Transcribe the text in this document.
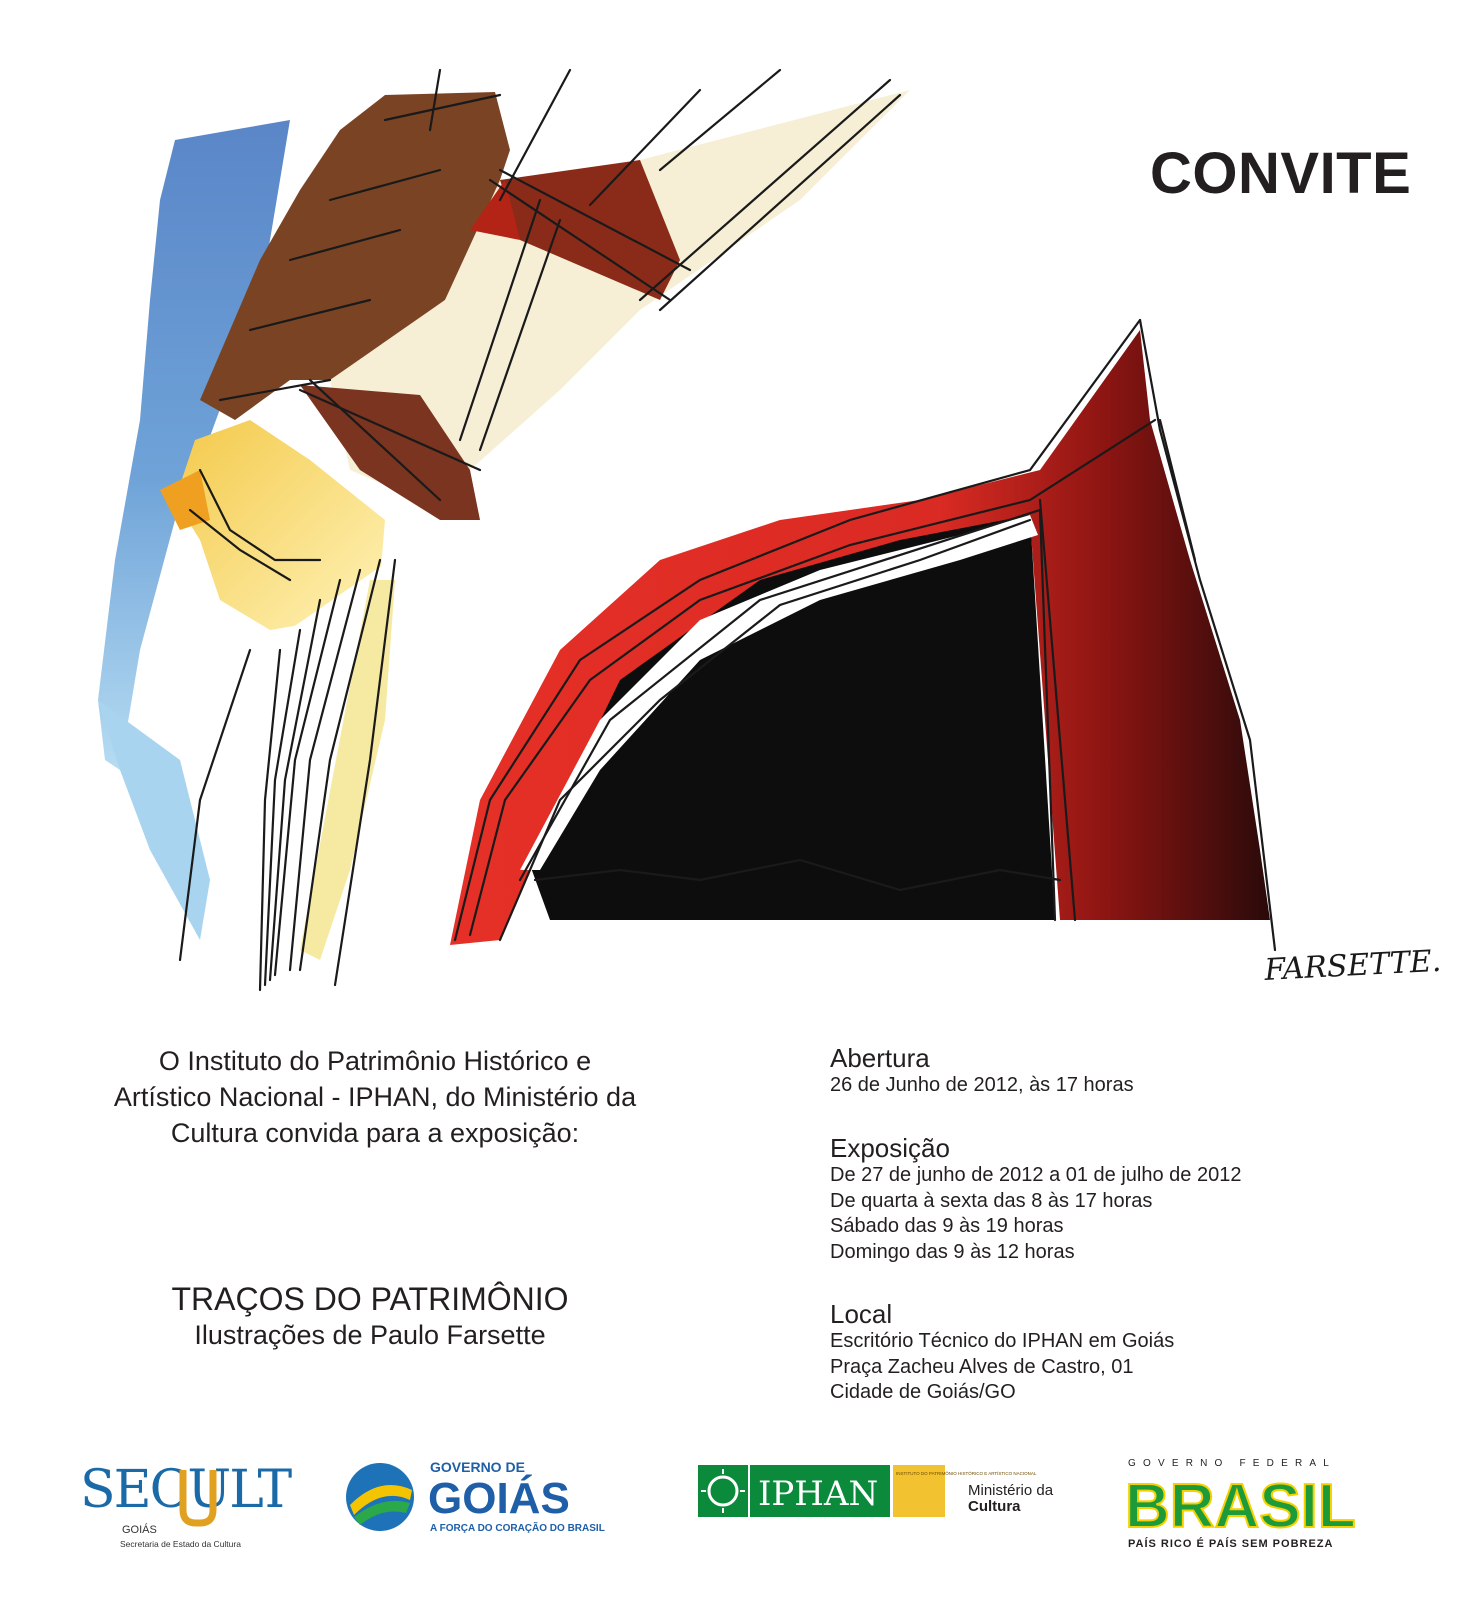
FARSETTE.
CONVITE
O Instituto do Patrimônio Histórico e
Artístico Nacional - IPHAN, do Ministério da
Cultura convida para a exposição:
TRAÇOS DO PATRIMÔNIO
Ilustrações de Paulo Farsette
Abertura
26 de Junho de 2012, às 17 horas
Exposição
De 27 de junho de 2012 a 01 de julho de 2012
De quarta à sexta das 8 às 17 horas
Sábado das 9 às 19 horas
Domingo das 9 às 12 horas
Local
Escritório Técnico do IPHAN em Goiás
Praça Zacheu Alves de Castro, 01
Cidade de Goiás/GO
SECULT
GOIÁS
Secretaria de Estado da Cultura
GOVERNO DE
GOIÁS
A FORÇA DO CORAÇÃO DO BRASIL
IPHAN
INSTITUTO DO PATRIMÔNIO HISTÓRICO E ARTÍSTICO NACIONAL
Ministério da
Cultura
GOVERNO FEDERAL
BRASIL
PAÍS RICO É PAÍS SEM POBREZA
